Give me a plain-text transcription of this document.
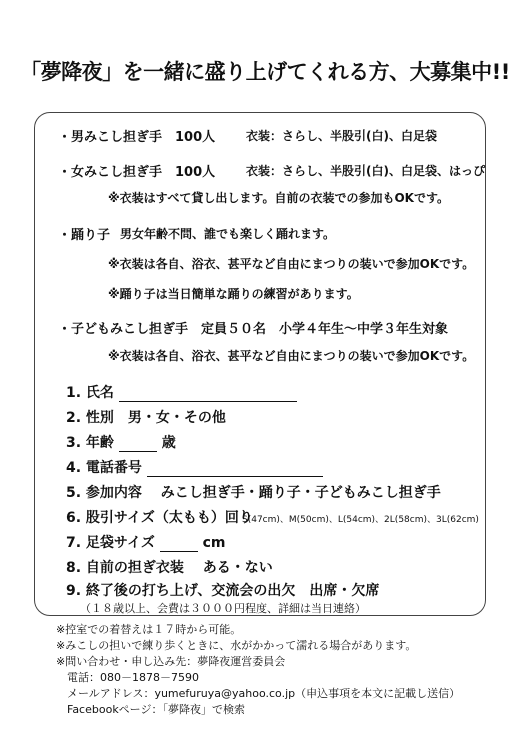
「夢降夜」を一緒に盛り上げてくれる方、大募集中!!
・男みこし担ぎ手　100人	衣装：さらし、半股引(白)、白足袋
・女みこし担ぎ手　100人	衣装：さらし、半股引(白)、白足袋、はっぴ
※衣装はすべて貸し出します。自前の衣装での参加もOKです。
・踊り子 男女年齢不問、誰でも楽しく踊れます。
※衣装は各自、浴衣、甚平など自由にまつりの装いで参加OKです。
※踊り子は当日簡単な踊りの練習があります。
・子どもみこし担ぎ手　定員５０名　小学４年生～中学３年生対象
※衣装は各自、浴衣、甚平など自由にまつりの装いで参加OKです。
1. 氏名
2. 性別　男・女・その他
3. 年齢	歳
4. 電話番号
5. 参加内容　 みこし担ぎ手・踊り子・子どもみこし担ぎ手
6. 股引サイズ（太もも）回り
S(47cm)、M(50cm)、L(54cm)、2L(58cm)、3L(62cm)
7. 足袋サイズ	cm
8. 自前の担ぎ衣装　 ある・ない
9. 終了後の打ち上げ、交流会の出欠　出席・欠席
（１８歳以上、会費は３０００円程度、詳細は当日連絡）
※控室での着替えは１７時から可能。
※みこしの担いで練り歩くときに、水がかかって濡れる場合があります。
※問い合わせ・申し込み先：夢降夜運営委員会
　電話：080－1878－7590
　メールアドレス：yumefuruya@yahoo.co.jp（申込事項を本文に記載し送信）
　Facebookページ：「夢降夜」で検索
